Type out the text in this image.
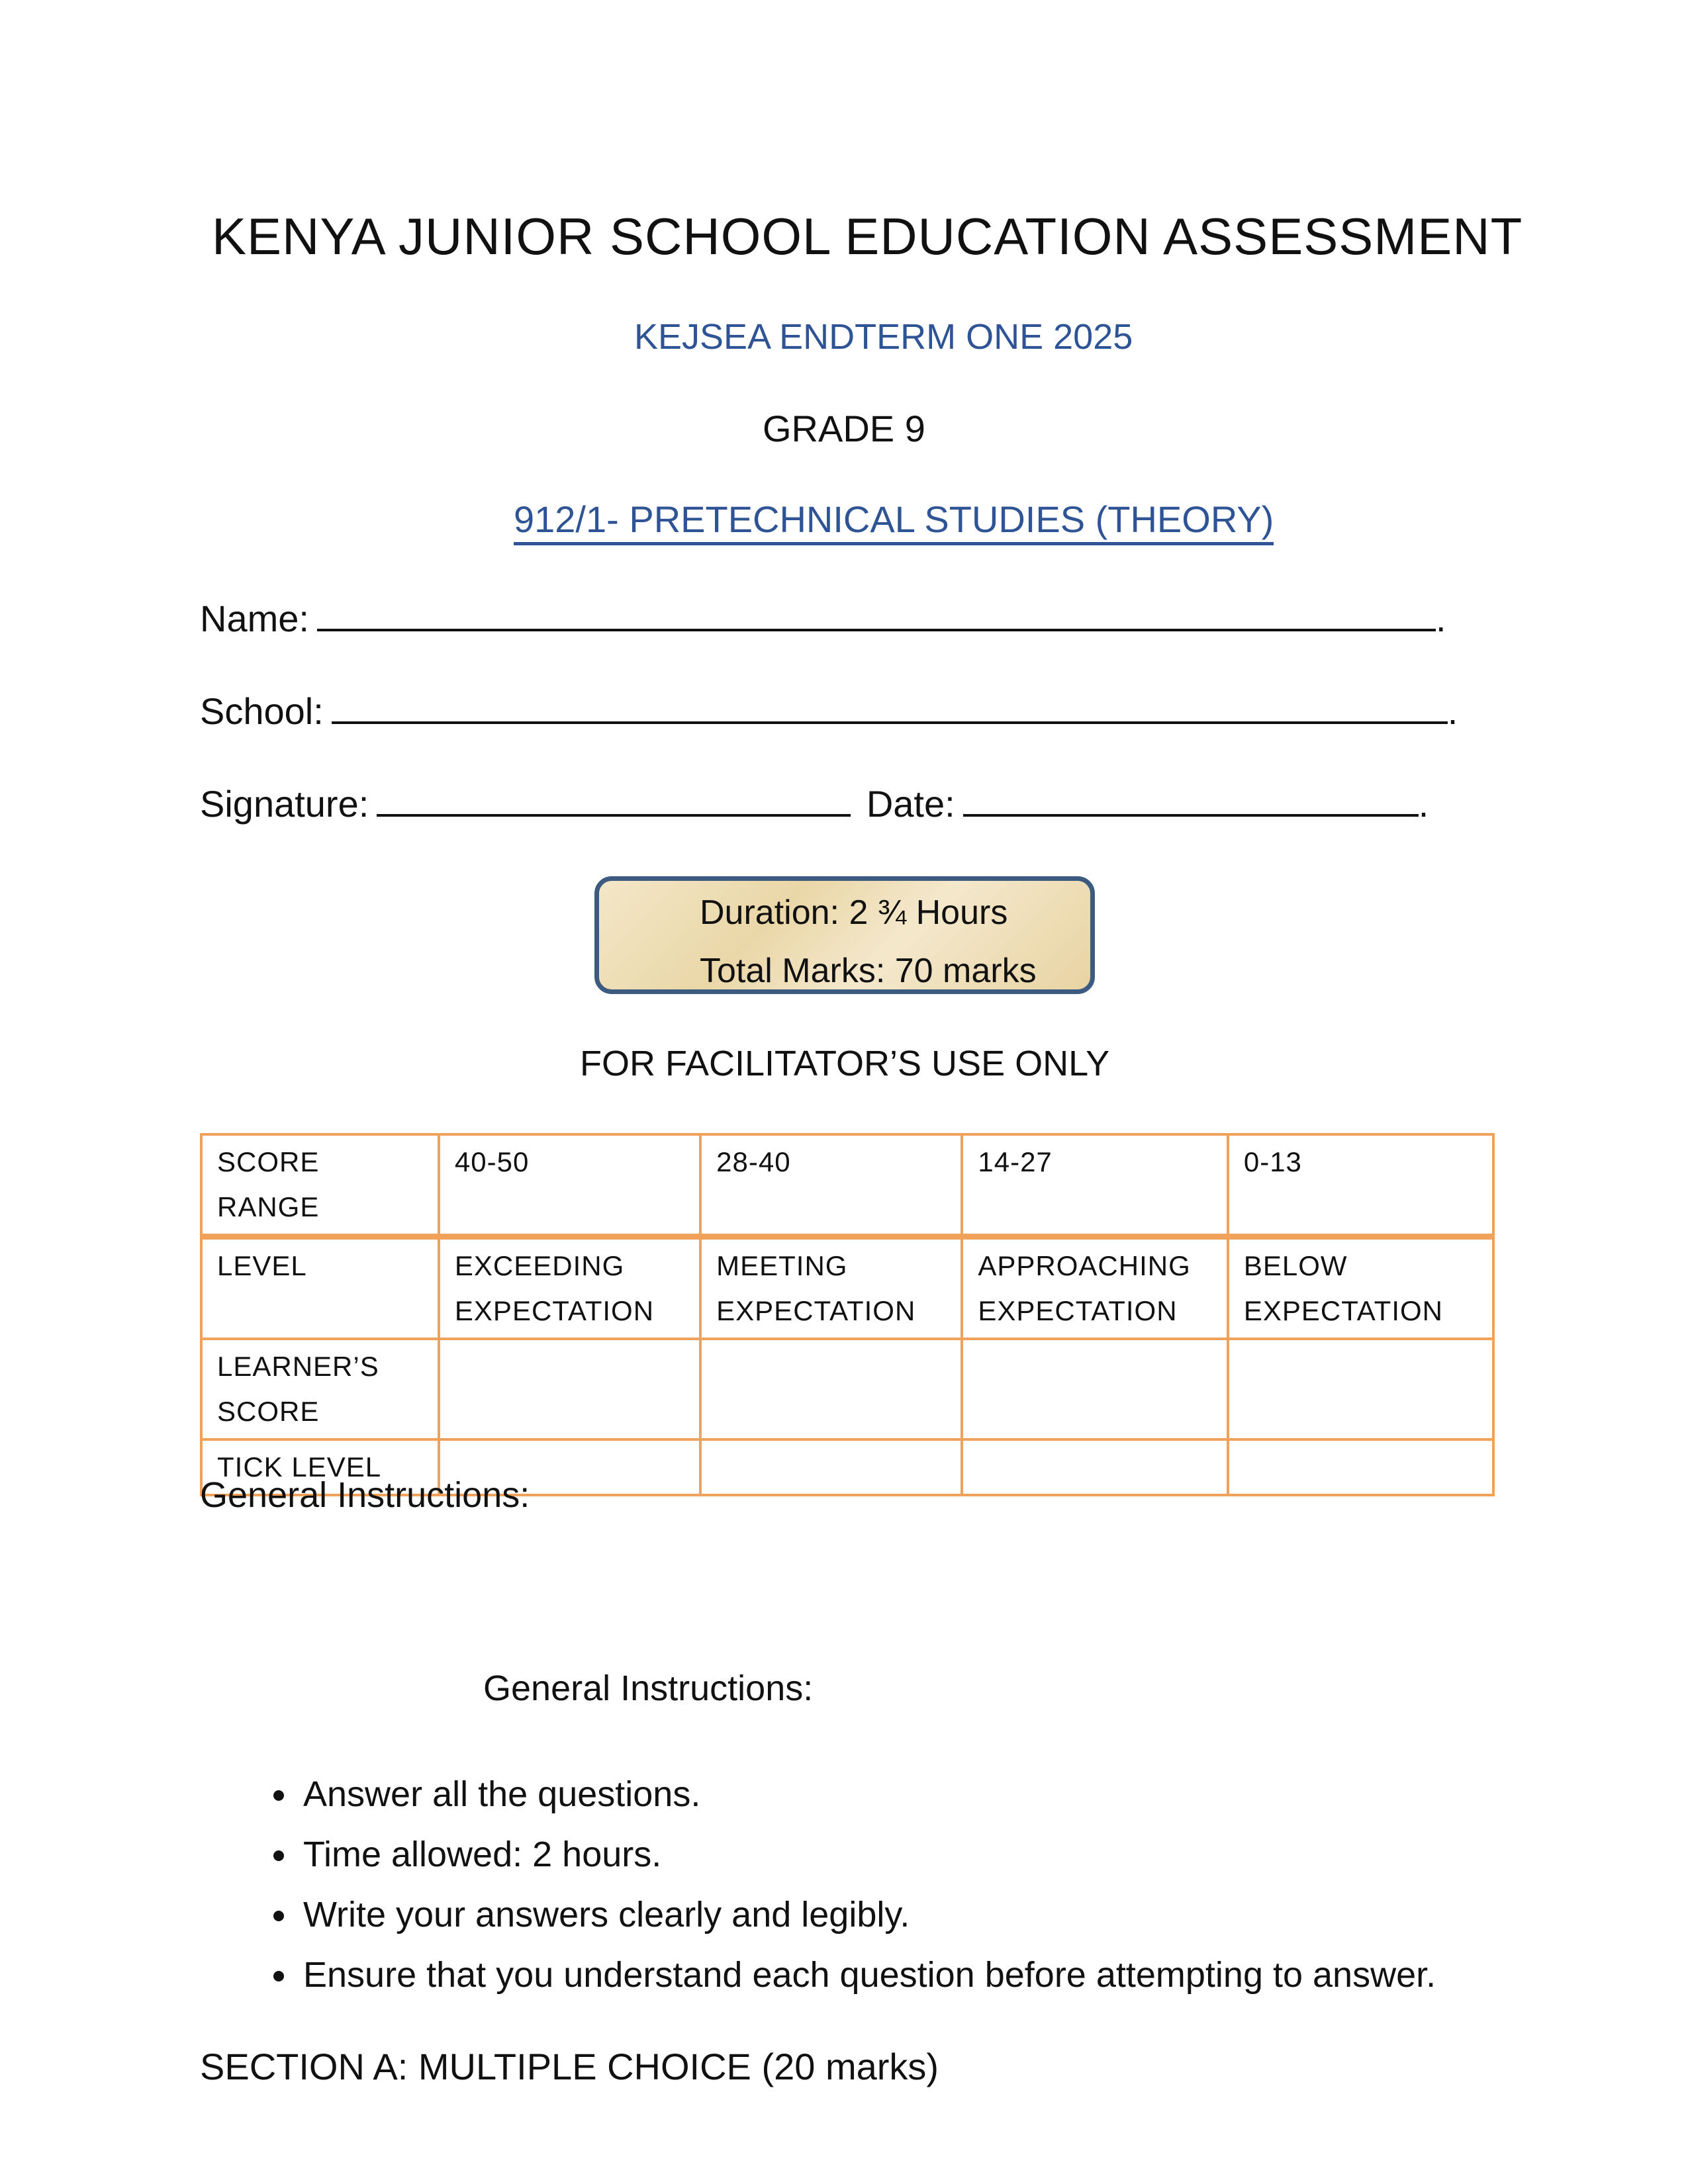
KENYA JUNIOR SCHOOL EDUCATION ASSESSMENT
KEJSEA ENDTERM ONE 2025
GRADE 9
912/1- PRETECHNICAL STUDIES (THEORY)
Name:	.
School:	.
Signature:	Date:	.
Duration: 2 ¾ Hours
Total Marks: 70 marks
FOR FACILITATOR’S USE ONLY
SCORE RANGE	40-50	28-40	14-27	0-13
LEVEL	EXCEEDING EXPECTATION	MEETING EXPECTATION	APPROACHING EXPECTATION	BELOW EXPECTATION
LEARNER’S SCORE				
TICK LEVEL				
General Instructions:
General Instructions:
• Answer all the questions.
• Time allowed: 2 hours.
• Write your answers clearly and legibly.
• Ensure that you understand each question before attempting to answer.
SECTION A: MULTIPLE CHOICE (20 marks)
